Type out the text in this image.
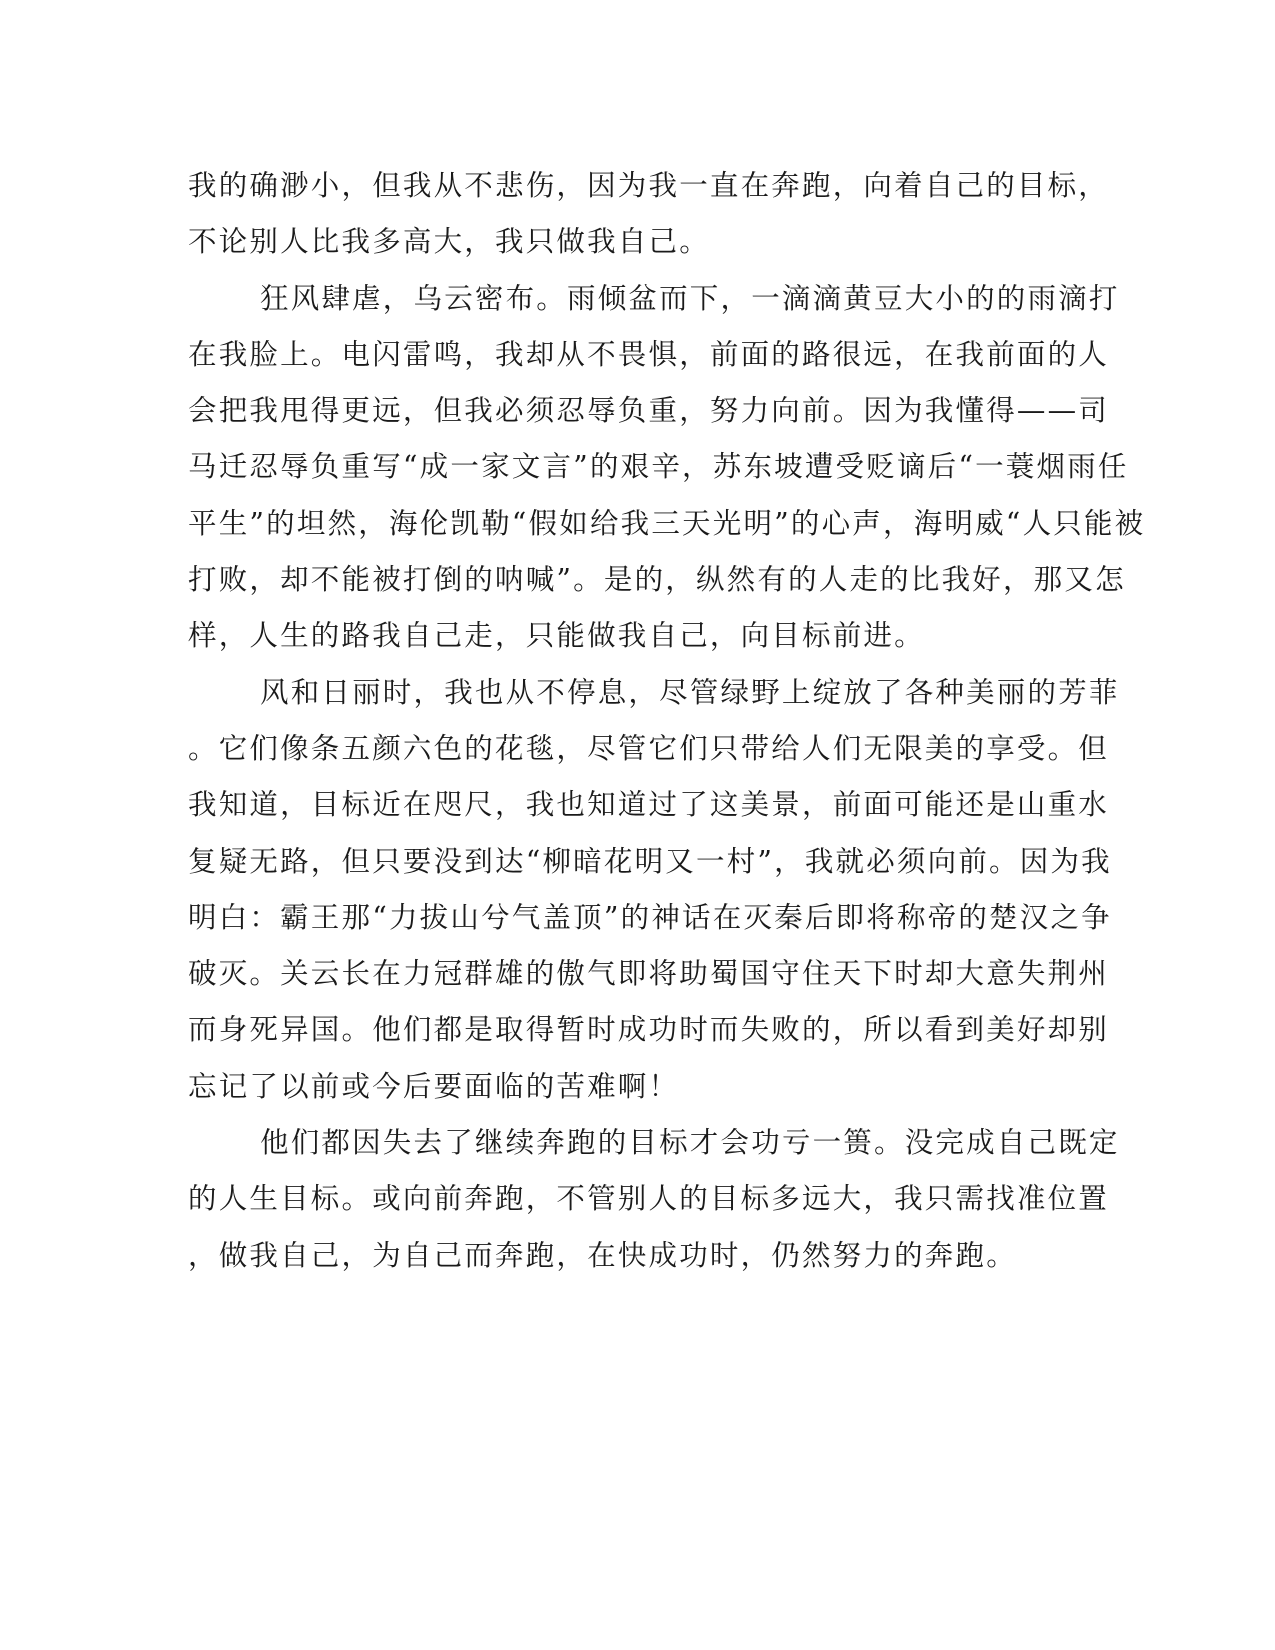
我的确渺小，但我从不悲伤，因为我一直在奔跑，向着自己的目标，
不论别人比我多高大，我只做我自己。
狂风肆虐，乌云密布。雨倾盆而下，一滴滴黄豆大小的的雨滴打
在我脸上。电闪雷鸣，我却从不畏惧，前面的路很远，在我前面的人
会把我甩得更远，但我必须忍辱负重，努力向前。因为我懂得——司
马迁忍辱负重写“成一家文言”的艰辛，苏东坡遭受贬谪后“一蓑烟雨任
平生”的坦然，海伦凯勒“假如给我三天光明”的心声，海明威“人只能被
打败，却不能被打倒的呐喊”。是的，纵然有的人走的比我好，那又怎
样，人生的路我自己走，只能做我自己，向目标前进。
风和日丽时，我也从不停息，尽管绿野上绽放了各种美丽的芳菲
。它们像条五颜六色的花毯，尽管它们只带给人们无限美的享受。但
我知道，目标近在咫尺，我也知道过了这美景，前面可能还是山重水
复疑无路，但只要没到达“柳暗花明又一村”，我就必须向前。因为我
明白：霸王那“力拔山兮气盖顶”的神话在灭秦后即将称帝的楚汉之争
破灭。关云长在力冠群雄的傲气即将助蜀国守住天下时却大意失荆州
而身死异国。他们都是取得暂时成功时而失败的，所以看到美好却别
忘记了以前或今后要面临的苦难啊！
他们都因失去了继续奔跑的目标才会功亏一篑。没完成自己既定
的人生目标。或向前奔跑，不管别人的目标多远大，我只需找准位置
，做我自己，为自己而奔跑，在快成功时，仍然努力的奔跑。
